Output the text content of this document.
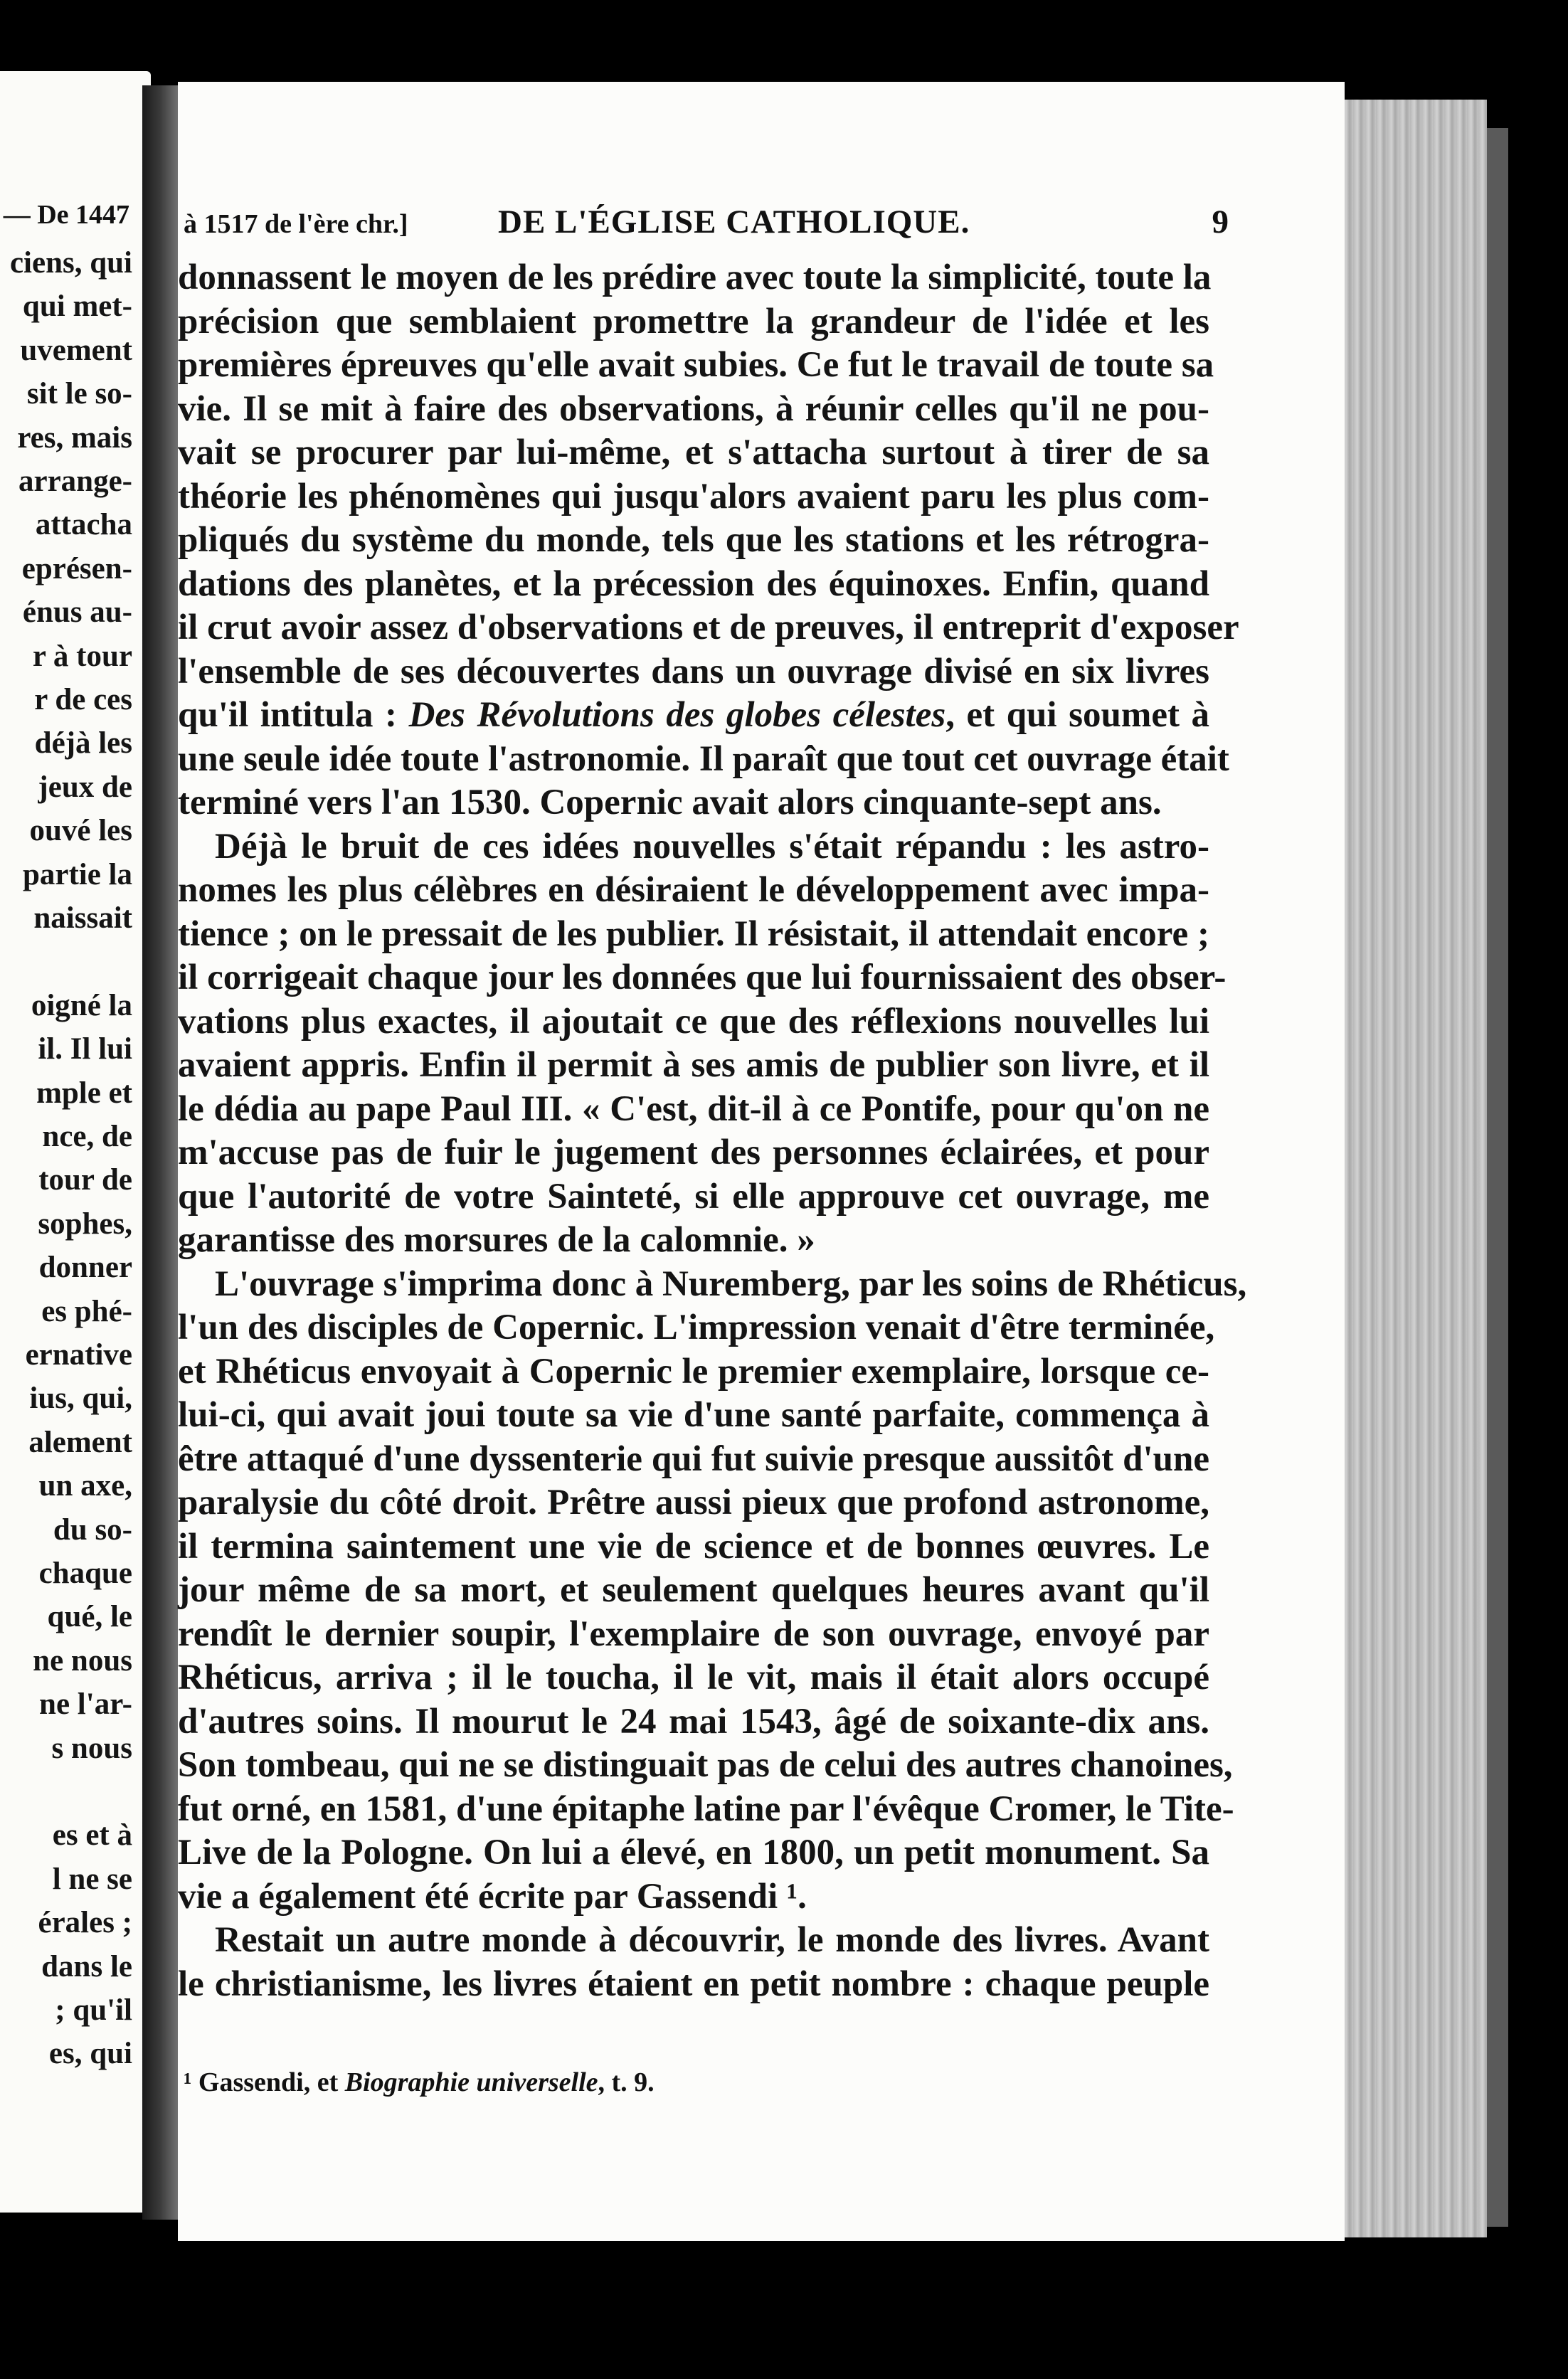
— De 1447
ciens, qui
qui met-
uvement
sit le so-
res, mais
arrange-
attacha
eprésen-
énus au-
r à tour
r de ces
déjà les
jeux de
ouvé les
partie la
naissait
oigné la
il. Il lui
mple et
nce, de
tour de
sophes,
donner
es phé-
ernative
ius, qui,
alement
un axe,
du so-
chaque
qué, le
ne nous
ne l'ar-
s nous
es et à
l ne se
érales ;
dans le
; qu'il
es, qui
à 1517 de l'ère chr.]	DE L'ÉGLISE CATHOLIQUE.	9
donnassent le moyen de les prédire avec toute la simplicité, toute la
précision que semblaient promettre la grandeur de l'idée et les
premières épreuves qu'elle avait subies. Ce fut le travail de toute sa
vie. Il se mit à faire des observations, à réunir celles qu'il ne pou-
vait se procurer par lui-même, et s'attacha surtout à tirer de sa
théorie les phénomènes qui jusqu'alors avaient paru les plus com-
pliqués du système du monde, tels que les stations et les rétrogra-
dations des planètes, et la précession des équinoxes. Enfin, quand
il crut avoir assez d'observations et de preuves, il entreprit d'exposer
l'ensemble de ses découvertes dans un ouvrage divisé en six livres
qu'il intitula : Des Révolutions des globes célestes, et qui soumet à
une seule idée toute l'astronomie. Il paraît que tout cet ouvrage était
terminé vers l'an 1530. Copernic avait alors cinquante-sept ans.
Déjà le bruit de ces idées nouvelles s'était répandu : les astro-
nomes les plus célèbres en désiraient le développement avec impa-
tience ; on le pressait de les publier. Il résistait, il attendait encore ;
il corrigeait chaque jour les données que lui fournissaient des obser-
vations plus exactes, il ajoutait ce que des réflexions nouvelles lui
avaient appris. Enfin il permit à ses amis de publier son livre, et il
le dédia au pape Paul III. « C'est, dit-il à ce Pontife, pour qu'on ne
m'accuse pas de fuir le jugement des personnes éclairées, et pour
que l'autorité de votre Sainteté, si elle approuve cet ouvrage, me
garantisse des morsures de la calomnie. »
L'ouvrage s'imprima donc à Nuremberg, par les soins de Rhéticus,
l'un des disciples de Copernic. L'impression venait d'être terminée,
et Rhéticus envoyait à Copernic le premier exemplaire, lorsque ce-
lui-ci, qui avait joui toute sa vie d'une santé parfaite, commença à
être attaqué d'une dyssenterie qui fut suivie presque aussitôt d'une
paralysie du côté droit. Prêtre aussi pieux que profond astronome,
il termina saintement une vie de science et de bonnes œuvres. Le
jour même de sa mort, et seulement quelques heures avant qu'il
rendît le dernier soupir, l'exemplaire de son ouvrage, envoyé par
Rhéticus, arriva ; il le toucha, il le vit, mais il était alors occupé
d'autres soins. Il mourut le 24 mai 1543, âgé de soixante-dix ans.
Son tombeau, qui ne se distinguait pas de celui des autres chanoines,
fut orné, en 1581, d'une épitaphe latine par l'évêque Cromer, le Tite-
Live de la Pologne. On lui a élevé, en 1800, un petit monument. Sa
vie a également été écrite par Gassendi ¹.
Restait un autre monde à découvrir, le monde des livres. Avant
le christianisme, les livres étaient en petit nombre : chaque peuple
¹ Gassendi, et Biographie universelle, t. 9.
